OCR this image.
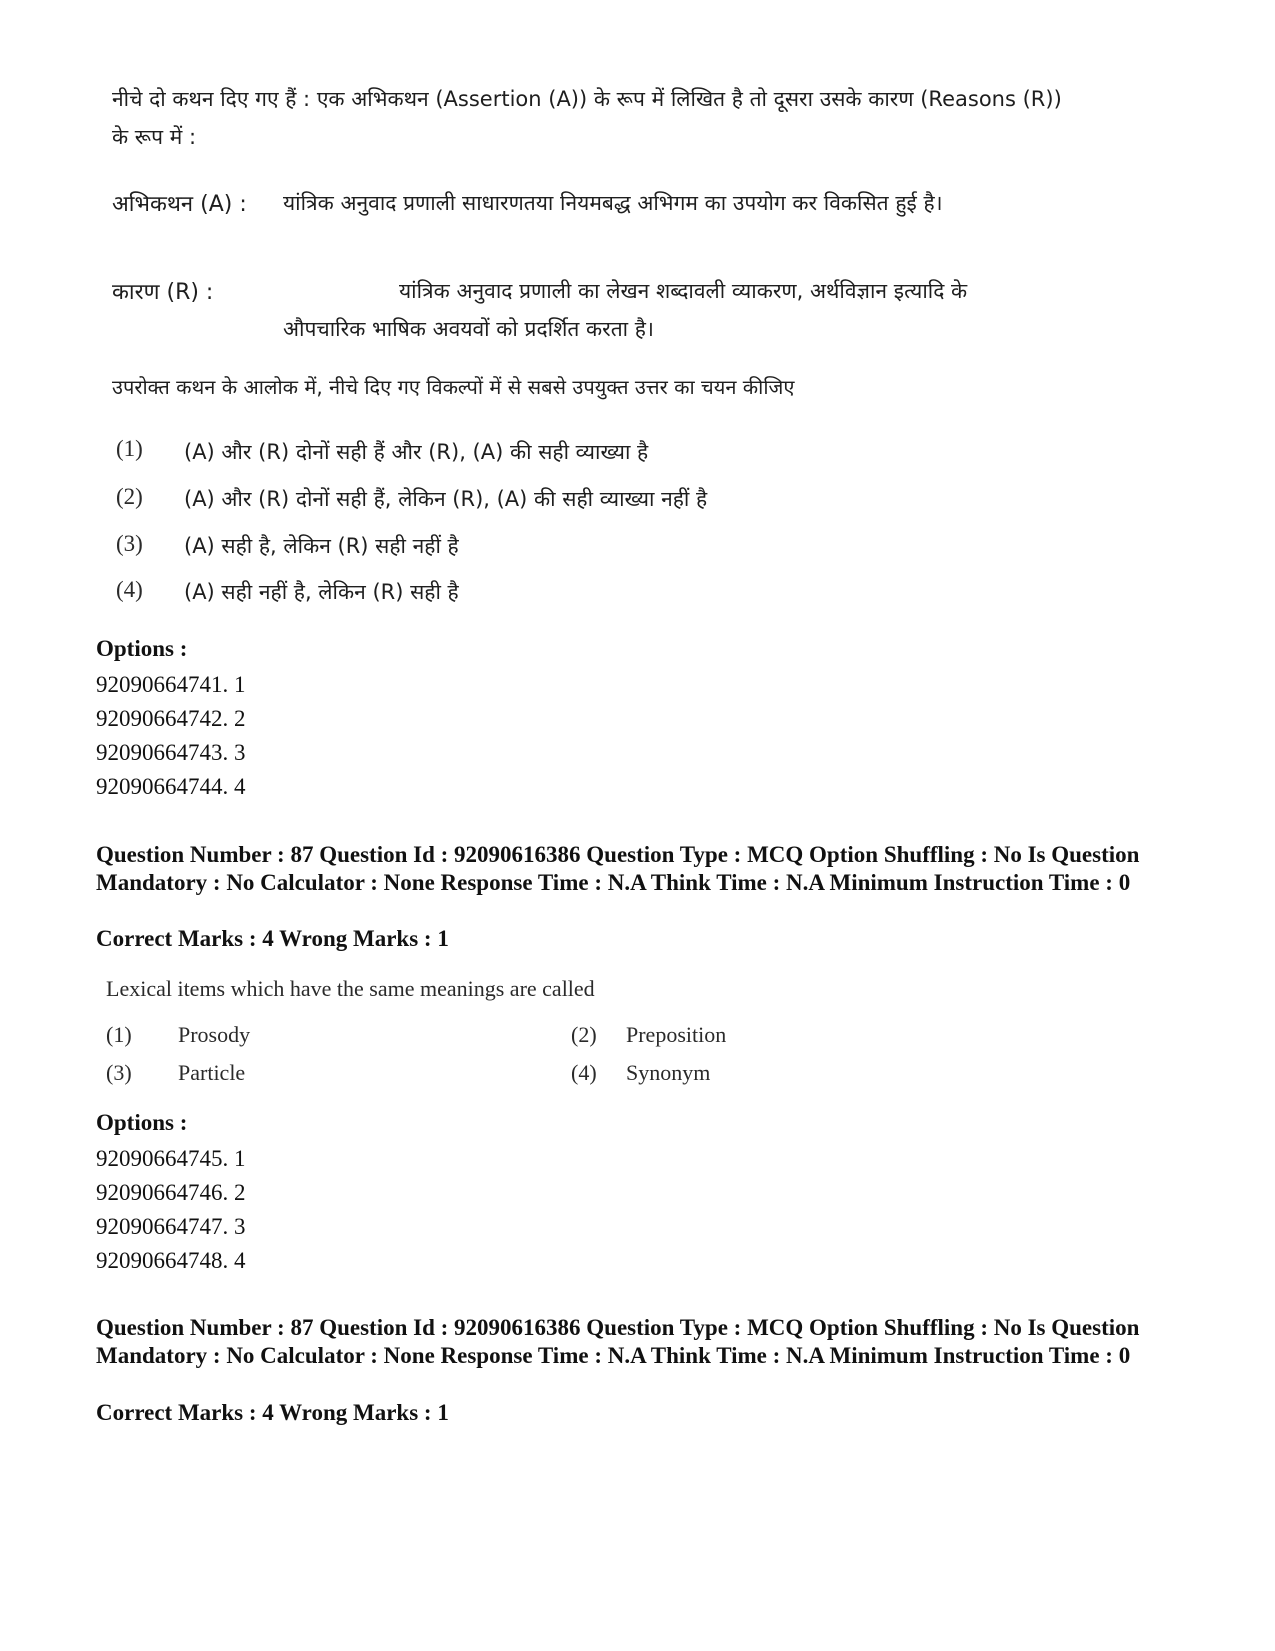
नीचे दो कथन दिए गए हैं : एक अभिकथन (Assertion (A)) के रूप में लिखित है तो दूसरा उसके कारण (Reasons (R)) के रूप में :
अभिकथन (A) : यांत्रिक अनुवाद प्रणाली साधारणतया नियमबद्ध अभिगम का उपयोग कर विकसित हुई है।
कारण (R) :	यांत्रिक अनुवाद प्रणाली का लेखन शब्दावली व्याकरण, अर्थविज्ञान इत्यादि के औपचारिक भाषिक अवयवों को प्रदर्शित करता है।
उपरोक्त कथन के आलोक में, नीचे दिए गए विकल्पों में से सबसे उपयुक्त उत्तर का चयन कीजिए
(1) (A) और (R) दोनों सही हैं और (R), (A) की सही व्याख्या है
(2) (A) और (R) दोनों सही हैं, लेकिन (R), (A) की सही व्याख्या नहीं है
(3) (A) सही है, लेकिन (R) सही नहीं है
(4) (A) सही नहीं है, लेकिन (R) सही है
Options :
92090664741. 1
92090664742. 2
92090664743. 3
92090664744. 4
Question Number : 87 Question Id : 92090616386 Question Type : MCQ Option Shuffling : No Is Question Mandatory : No Calculator : None Response Time : N.A Think Time : N.A Minimum Instruction Time : 0
Correct Marks : 4 Wrong Marks : 1
Lexical items which have the same meanings are called
(1) Prosody	(2) Preposition
(3) Particle	(4) Synonym
Options :
92090664745. 1
92090664746. 2
92090664747. 3
92090664748. 4
Question Number : 87 Question Id : 92090616386 Question Type : MCQ Option Shuffling : No Is Question Mandatory : No Calculator : None Response Time : N.A Think Time : N.A Minimum Instruction Time : 0
Correct Marks : 4 Wrong Marks : 1
